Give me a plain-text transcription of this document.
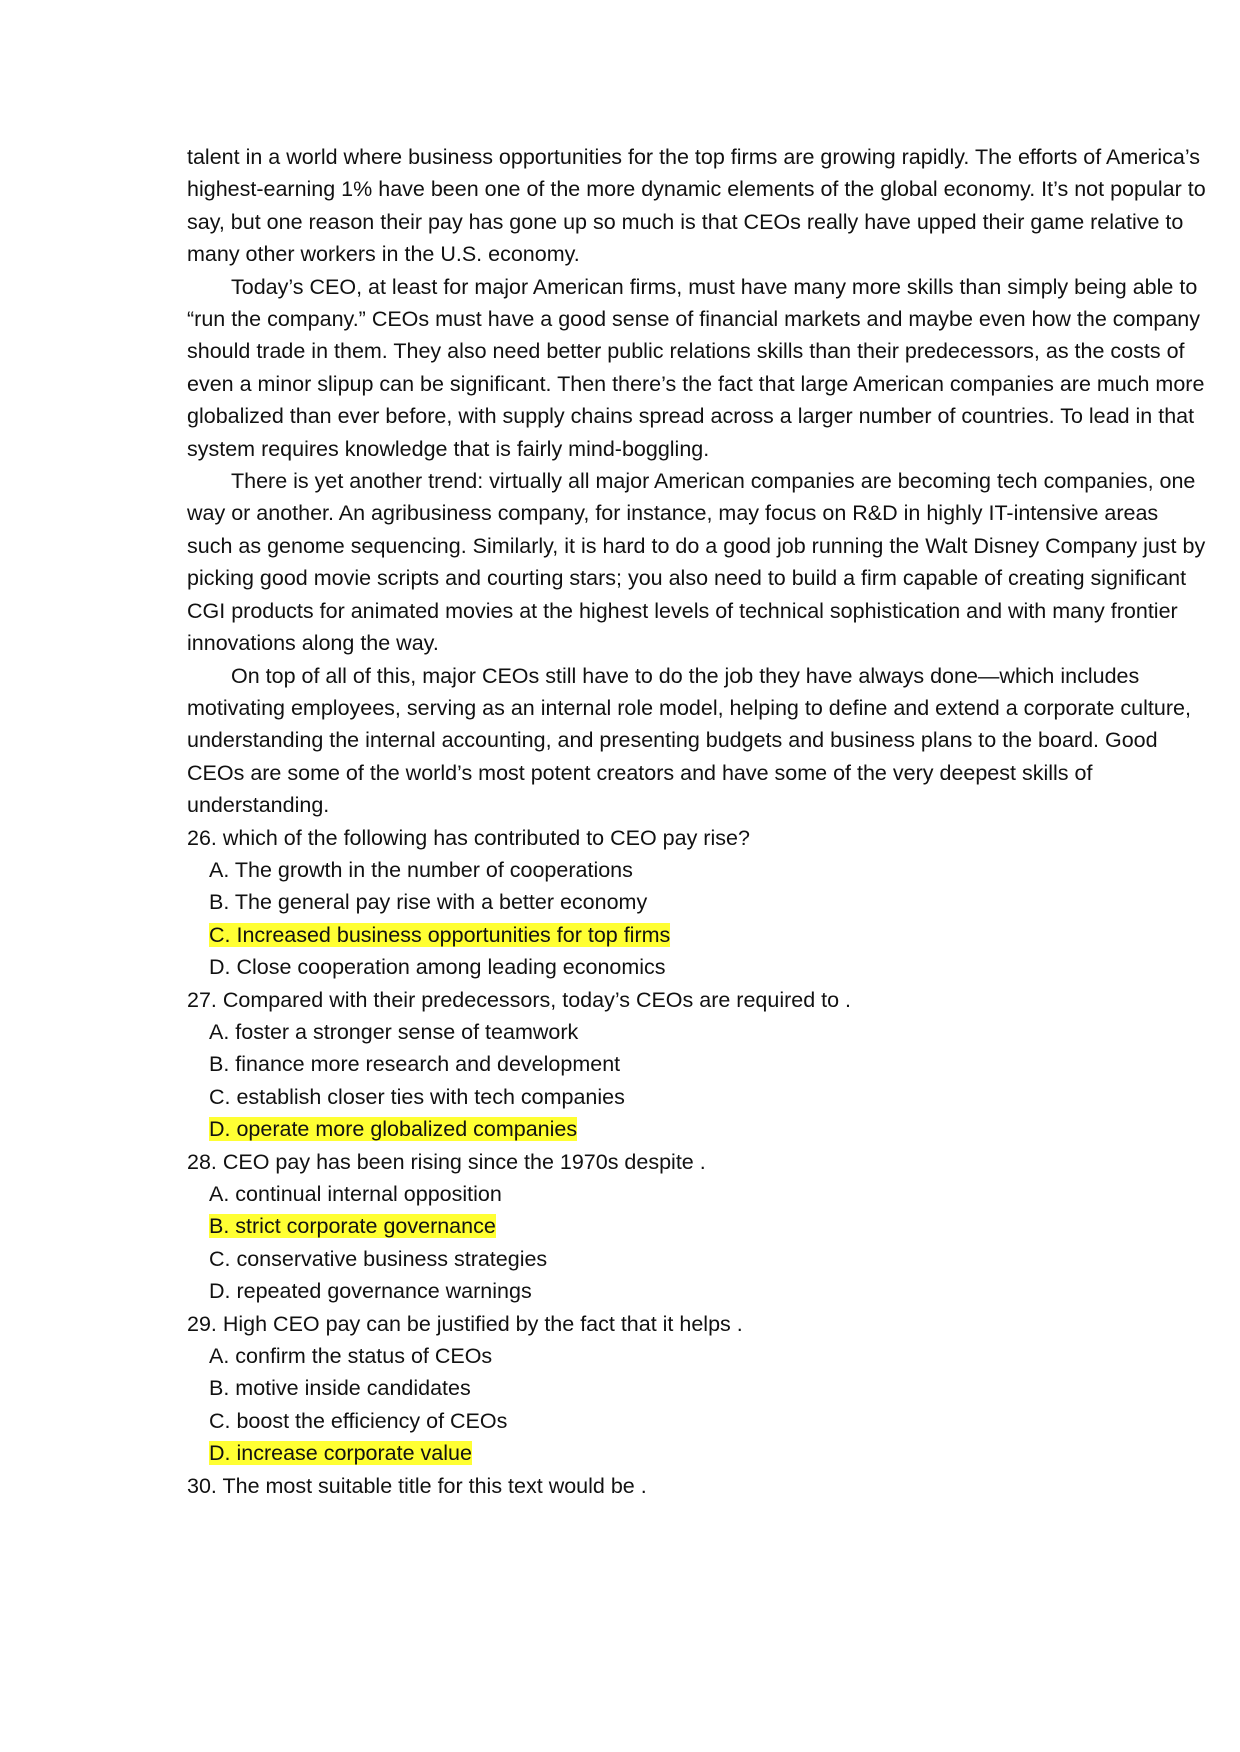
talent in a world where business opportunities for the top firms are growing rapidly. The efforts of America’s highest-earning 1% have been one of the more dynamic elements of the global economy. It’s not popular to say, but one reason their pay has gone up so much is that CEOs really have upped their game relative to many other workers in the U.S. economy.

Today’s CEO, at least for major American firms, must have many more skills than simply being able to “run the company.” CEOs must have a good sense of financial markets and maybe even how the company should trade in them. They also need better public relations skills than their predecessors, as the costs of even a minor slipup can be significant. Then there’s the fact that large American companies are much more globalized than ever before, with supply chains spread across a larger number of countries. To lead in that system requires knowledge that is fairly mind-boggling.

There is yet another trend: virtually all major American companies are becoming tech companies, one way or another. An agribusiness company, for instance, may focus on R&D in highly IT-intensive areas such as genome sequencing. Similarly, it is hard to do a good job running the Walt Disney Company just by picking good movie scripts and courting stars; you also need to build a firm capable of creating significant CGI products for animated movies at the highest levels of technical sophistication and with many frontier innovations along the way.

On top of all of this, major CEOs still have to do the job they have always done—which includes motivating employees, serving as an internal role model, helping to define and extend a corporate culture, understanding the internal accounting, and presenting budgets and business plans to the board. Good CEOs are some of the world’s most potent creators and have some of the very deepest skills of understanding.

26. which of the following has contributed to CEO pay rise?

A. The growth in the number of cooperations

B. The general pay rise with a better economy

C. Increased business opportunities for top firms

D. Close cooperation among leading economics

27. Compared with their predecessors, today’s CEOs are required to .

A. foster a stronger sense of teamwork

B. finance more research and development

C. establish closer ties with tech companies

D. operate more globalized companies

28. CEO pay has been rising since the 1970s despite .

A. continual internal opposition

B. strict corporate governance

C. conservative business strategies

D. repeated governance warnings

29. High CEO pay can be justified by the fact that it helps .

A. confirm the status of CEOs

B. motive inside candidates

C. boost the efficiency of CEOs

D. increase corporate value

30. The most suitable title for this text would be .
